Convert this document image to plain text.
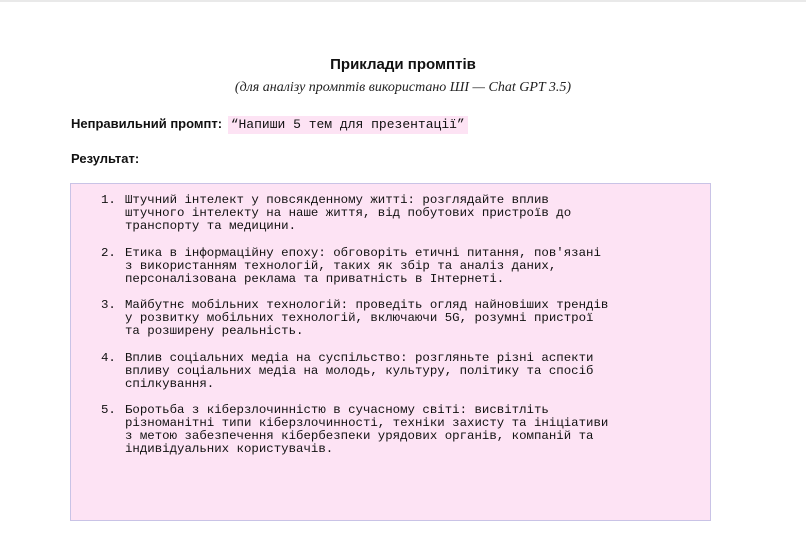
Приклади промптів
(для аналізу промптів використано ШІ — Chat GPT 3.5)
Неправильний промпт: “Напиши 5 тем для презентації”
Результат:
1. Штучний інтелект у повсякденному житті: розглядайте вплив
штучного інтелекту на наше життя, від побутових пристроїв до
транспорту та медицини.
2. Етика в інформаційну епоху: обговоріть етичні питання, пов'язані
з використанням технологій, таких як збір та аналіз даних,
персоналізована реклама та приватність в Інтернеті.
3. Майбутнє мобільних технологій: проведіть огляд найновіших трендів
у розвитку мобільних технологій, включаючи 5G, розумні пристрої
та розширену реальність.
4. Вплив соціальних медіа на суспільство: розгляньте різні аспекти
впливу соціальних медіа на молодь, культуру, політику та спосіб
спілкування.
5. Боротьба з кіберзлочинністю в сучасному світі: висвітліть
різноманітні типи кіберзлочинності, техніки захисту та ініціативи
з метою забезпечення кібербезпеки урядових органів, компаній та
індивідуальних користувачів.
